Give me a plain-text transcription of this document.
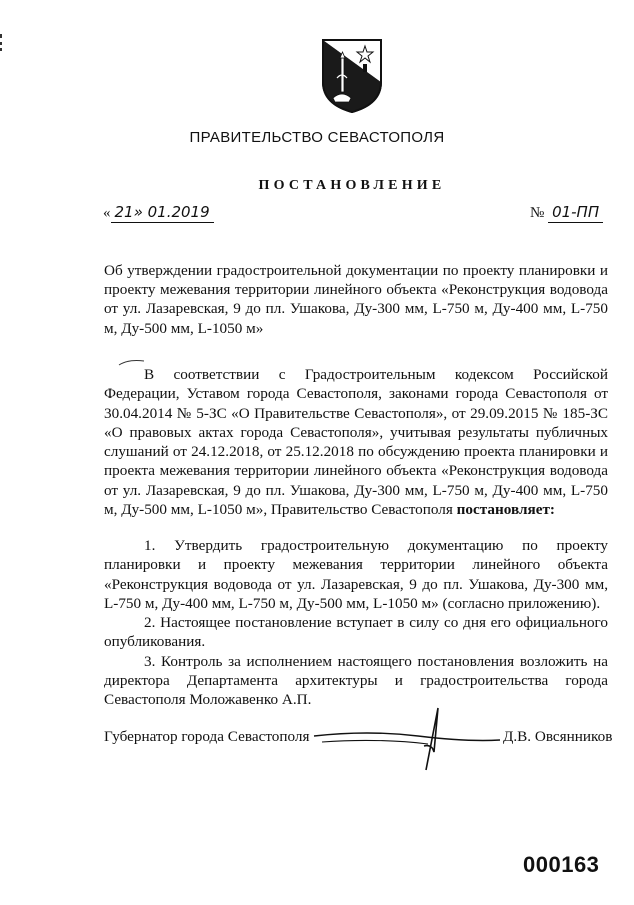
ПРАВИТЕЛЬСТВО СЕВАСТОПОЛЯ
ПОСТАНОВЛЕНИЕ
« 21» 01.2019	№ 01-ПП
Об утверждении градостроительной документации по проекту планировки и проекту межевания территории линейного объекта «Реконструкция водовода от ул. Лазаревская, 9 до пл. Ушакова, Ду-300 мм, L-750 м, Ду-400 мм, L-750 м, Ду-500 мм, L-1050 м»
В соответствии с Градостроительным кодексом Российской Федерации, Уставом города Севастополя, законами города Севастополя от 30.04.2014 № 5-ЗС «О Правительстве Севастополя», от 29.09.2015 № 185-ЗС «О правовых актах города Севастополя», учитывая результаты публичных слушаний от 24.12.2018, от 25.12.2018 по обсуждению проекта планировки и проекта межевания территории линейного объекта «Реконструкция водовода от ул. Лазаревская, 9 до пл. Ушакова, Ду-300 мм, L-750 м, Ду-400 мм, L-750 м, Ду-500 мм, L-1050 м», Правительство Севастополя постановляет:

1. Утвердить градостроительную документацию по проекту планировки и проекту межевания территории линейного объекта «Реконструкция водовода от ул. Лазаревская, 9 до пл. Ушакова, Ду-300 мм, L-750 м, Ду-400 мм, L-750 м, Ду-500 мм, L-1050 м» (согласно приложению).

2. Настоящее постановление вступает в силу со дня его официального опубликования.

3. Контроль за исполнением настоящего постановления возложить на директора Департамента архитектуры и градостроительства города Севастополя Моложавенко А.П.

Губернатор города Севастополя	Д.В. Овсянников
000163
